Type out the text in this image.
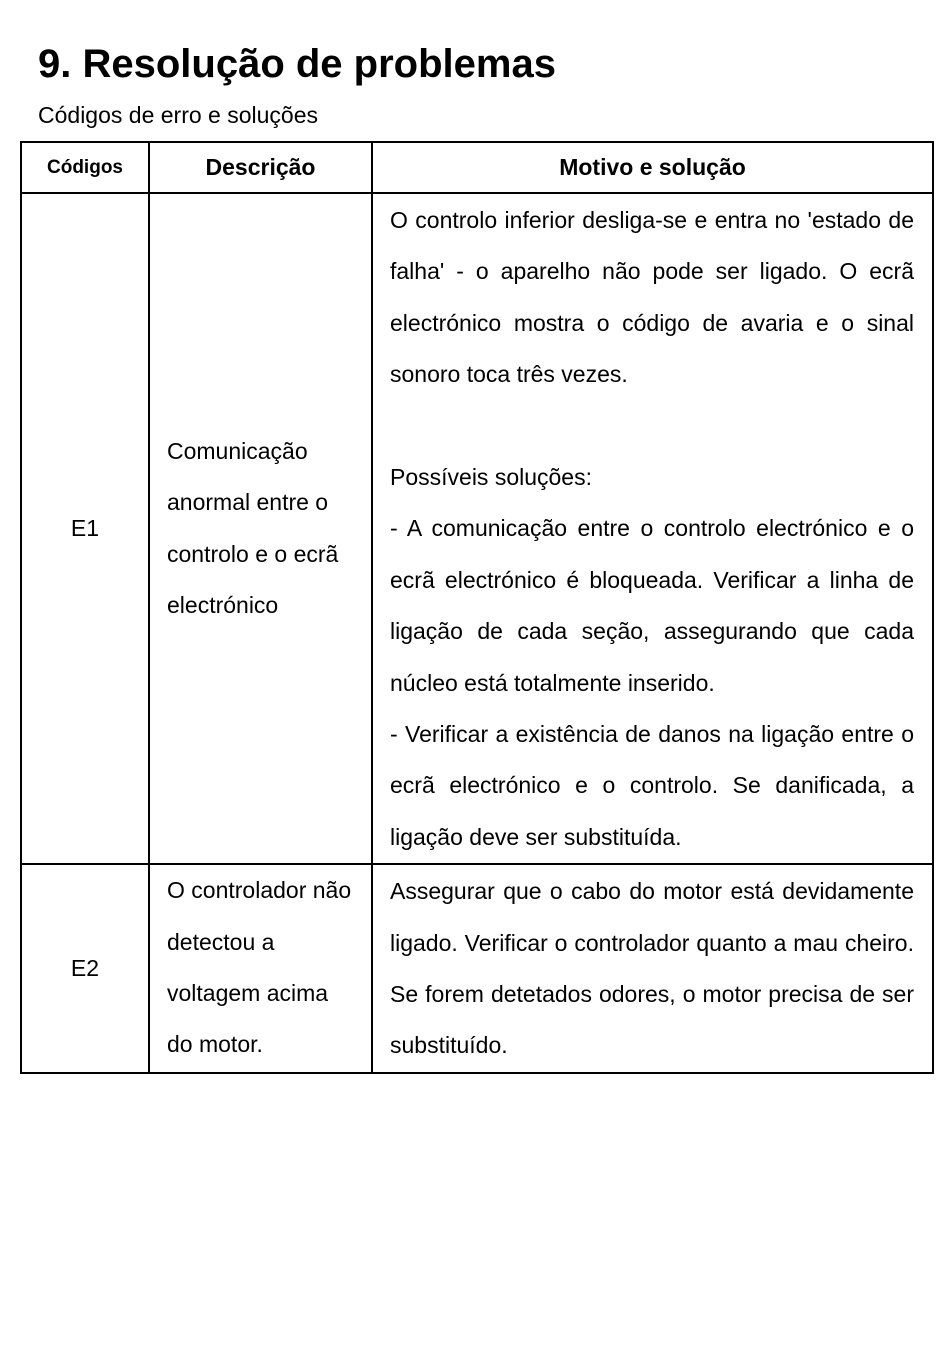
9. Resolução de problemas
Códigos de erro e soluções
Códigos	Descrição	Motivo e solução
E1	Comunicação anormal entre o controlo e o ecrã electrónico	O controlo inferior desliga-se e entra no 'estado de falha' - o aparelho não pode ser ligado. O ecrã electrónico mostra o código de avaria e o sinal sonoro toca três vezes.
Possíveis soluções:
- A comunicação entre o controlo electrónico e o ecrã electrónico é bloqueada. Verificar a linha de ligação de cada seção, assegurando que cada núcleo está totalmente inserido.
- Verificar a existência de danos na ligação entre o ecrã electrónico e o controlo. Se danificada, a ligação deve ser substituída.

E2	O controlador não detectou a voltagem acima do motor.	Assegurar que o cabo do motor está devidamente ligado. Verificar o controlador quanto a mau cheiro. Se forem detetados odores, o motor precisa de ser substituído.
